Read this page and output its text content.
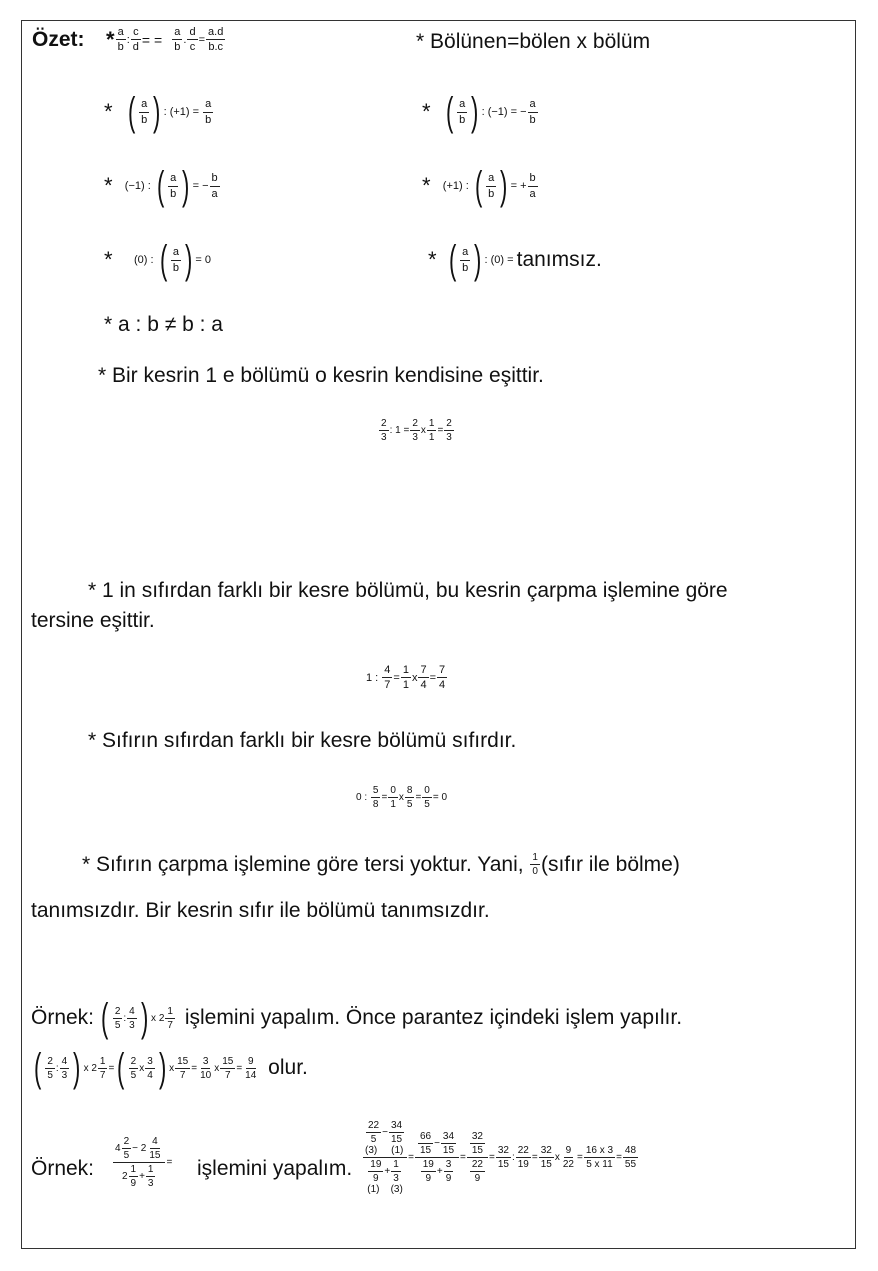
Özet: * $\frac{a}{b}$ : $\frac{c}{d}$ = =
$\frac{a}{b}$ . $\frac{d}{c} = \frac{a.d}{b.c}$	* Bölünen=bölen x bölüm
*
( $\frac{a}{b}$ ) : $(+1) = \frac{a}{b}$	*
( $\frac{a}{b}$ ) : (−1) = − $\frac{a}{b}$
* (−1) : ( $\frac{a}{b}$ ) = − $\frac{b}{a}$	* (+1) : ( $\frac{a}{b}$ ) = + $\frac{b}{a}$
* (0) : ( $\frac{a}{b}$ ) = 0	*
( $\frac{a}{b}$ ) : (0) = tanımsız.
* a : b ≠ b : a
* Bir kesrin 1 e bölümü o kesrin kendisine eşittir.
$\frac{2}{3}$ : $1 = \frac{2}{3}$ x $\frac{1}{1} = \frac{2}{3}$
* 1 in sıfırdan farklı bir kesre bölümü, bu kesrin çarpma işlemine göre
tersine eşittir.
1 : $\frac{4}{7} = \frac{1}{1}$ x $\frac{7}{4} = \frac{7}{4}$
* Sıfırın sıfırdan farklı bir kesre bölümü sıfırdır.
0 : $\frac{5}{8} = \frac{0}{1}$ x $\frac{8}{5} = \frac{0}{5} = 0$
* Sıfırın çarpma işlemine göre tersi yoktur. Yani,
$\frac{1}{0}$ (sıfır ile bölme)
tanımsızdır. Bir kesrin sıfır ile bölümü tanımsızdır.
Örnek:
( $\frac{2}{5}$ : $\frac{4}{3}$ ) x $2 \frac{1}{7}$
işlemini yapalım. Önce parantez içindeki işlem yapılır.
( $\frac{2}{5}$ : $\frac{4}{3}$ ) x $2 \frac{1}{7}$ = ( $\frac{2}{5}$ x $\frac{3}{4}$ ) x $\frac{15}{7} = \frac{3}{10}$ x $\frac{15}{7} = \frac{9}{14}$
olur.
Örnek: $\frac{4 \frac{2}{5} - 2 \frac{4}{15}}{2 \frac{1}{9} + \frac{1}{3}}$ = işlemini yapalım.
$\frac{22}{5} - \frac{34}{15}$

(3)     (1)
$\frac{19}{9} + \frac{1}{3}$

(1)    (3)
= $\frac{\frac{66}{15} - \frac{34}{15}}{\frac{19}{9} + \frac{3}{9}} = \frac{\frac{32}{15}}{\frac{22}{9}} = \frac{32}{15}$ : $\frac{22}{19} = \frac{32}{15}$ x $\frac{9}{22} = \frac{16 x 3}{5 x 11} = \frac{48}{55}$
